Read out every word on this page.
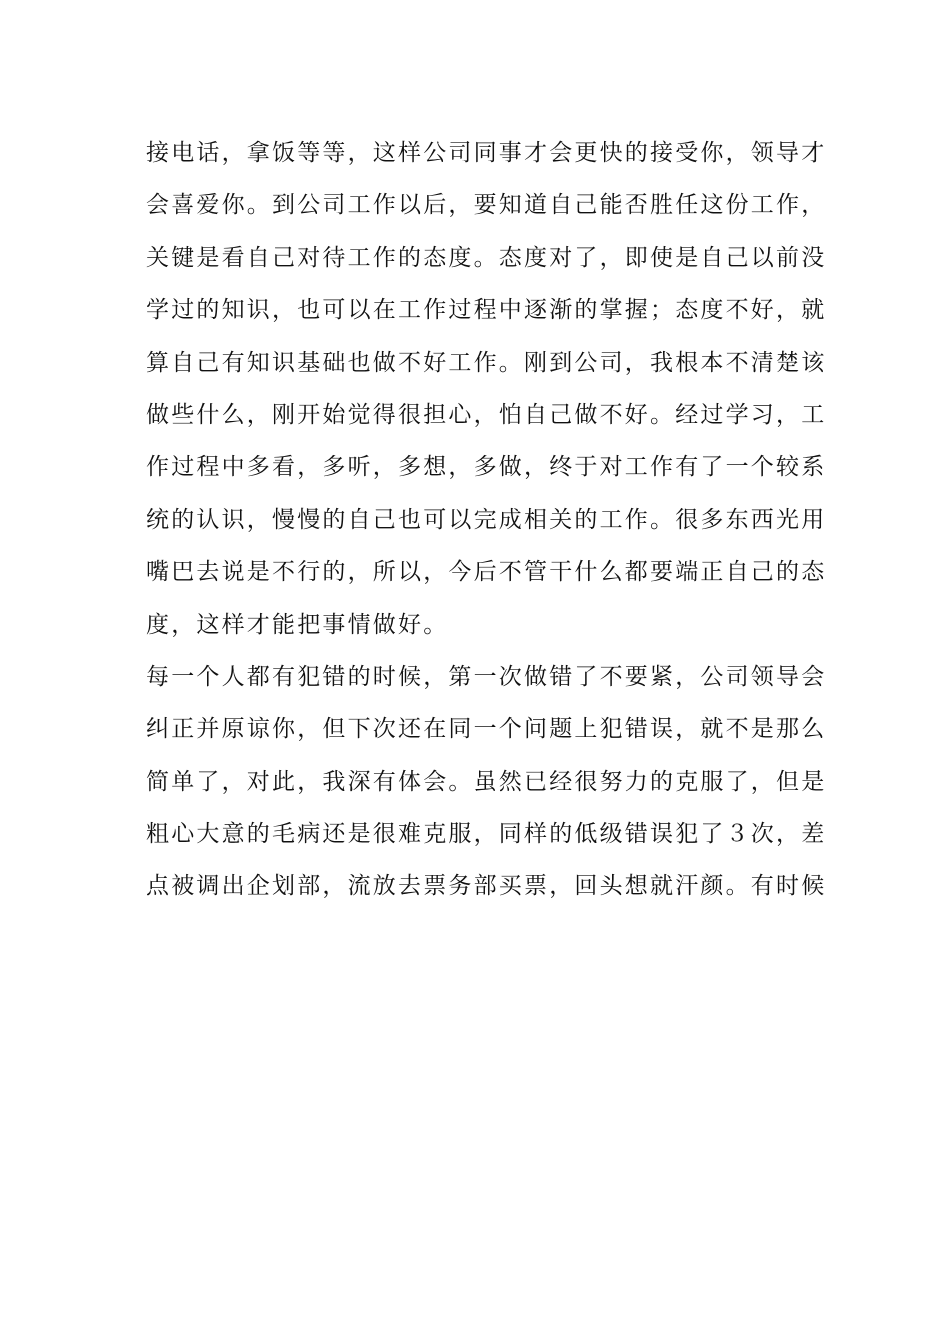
接电话，拿饭等等，这样公司同事才会更快的接受你，领导才
会喜爱你。到公司工作以后，要知道自己能否胜任这份工作，
关键是看自己对待工作的态度。态度对了，即使是自己以前没
学过的知识，也可以在工作过程中逐渐的掌握；态度不好，就
算自己有知识基础也做不好工作。刚到公司，我根本不清楚该
做些什么，刚开始觉得很担心，怕自己做不好。经过学习，工
作过程中多看，多听，多想，多做，终于对工作有了一个较系
统的认识，慢慢的自己也可以完成相关的工作。很多东西光用
嘴巴去说是不行的，所以，今后不管干什么都要端正自己的态
度，这样才能把事情做好。
每一个人都有犯错的时候，第一次做错了不要紧，公司领导会
纠正并原谅你，但下次还在同一个问题上犯错误，就不是那么
简单了，对此，我深有体会。虽然已经很努力的克服了，但是
粗心大意的毛病还是很难克服，同样的低级错误犯了３次，差
点被调出企划部，流放去票务部买票，回头想就汗颜。有时候
